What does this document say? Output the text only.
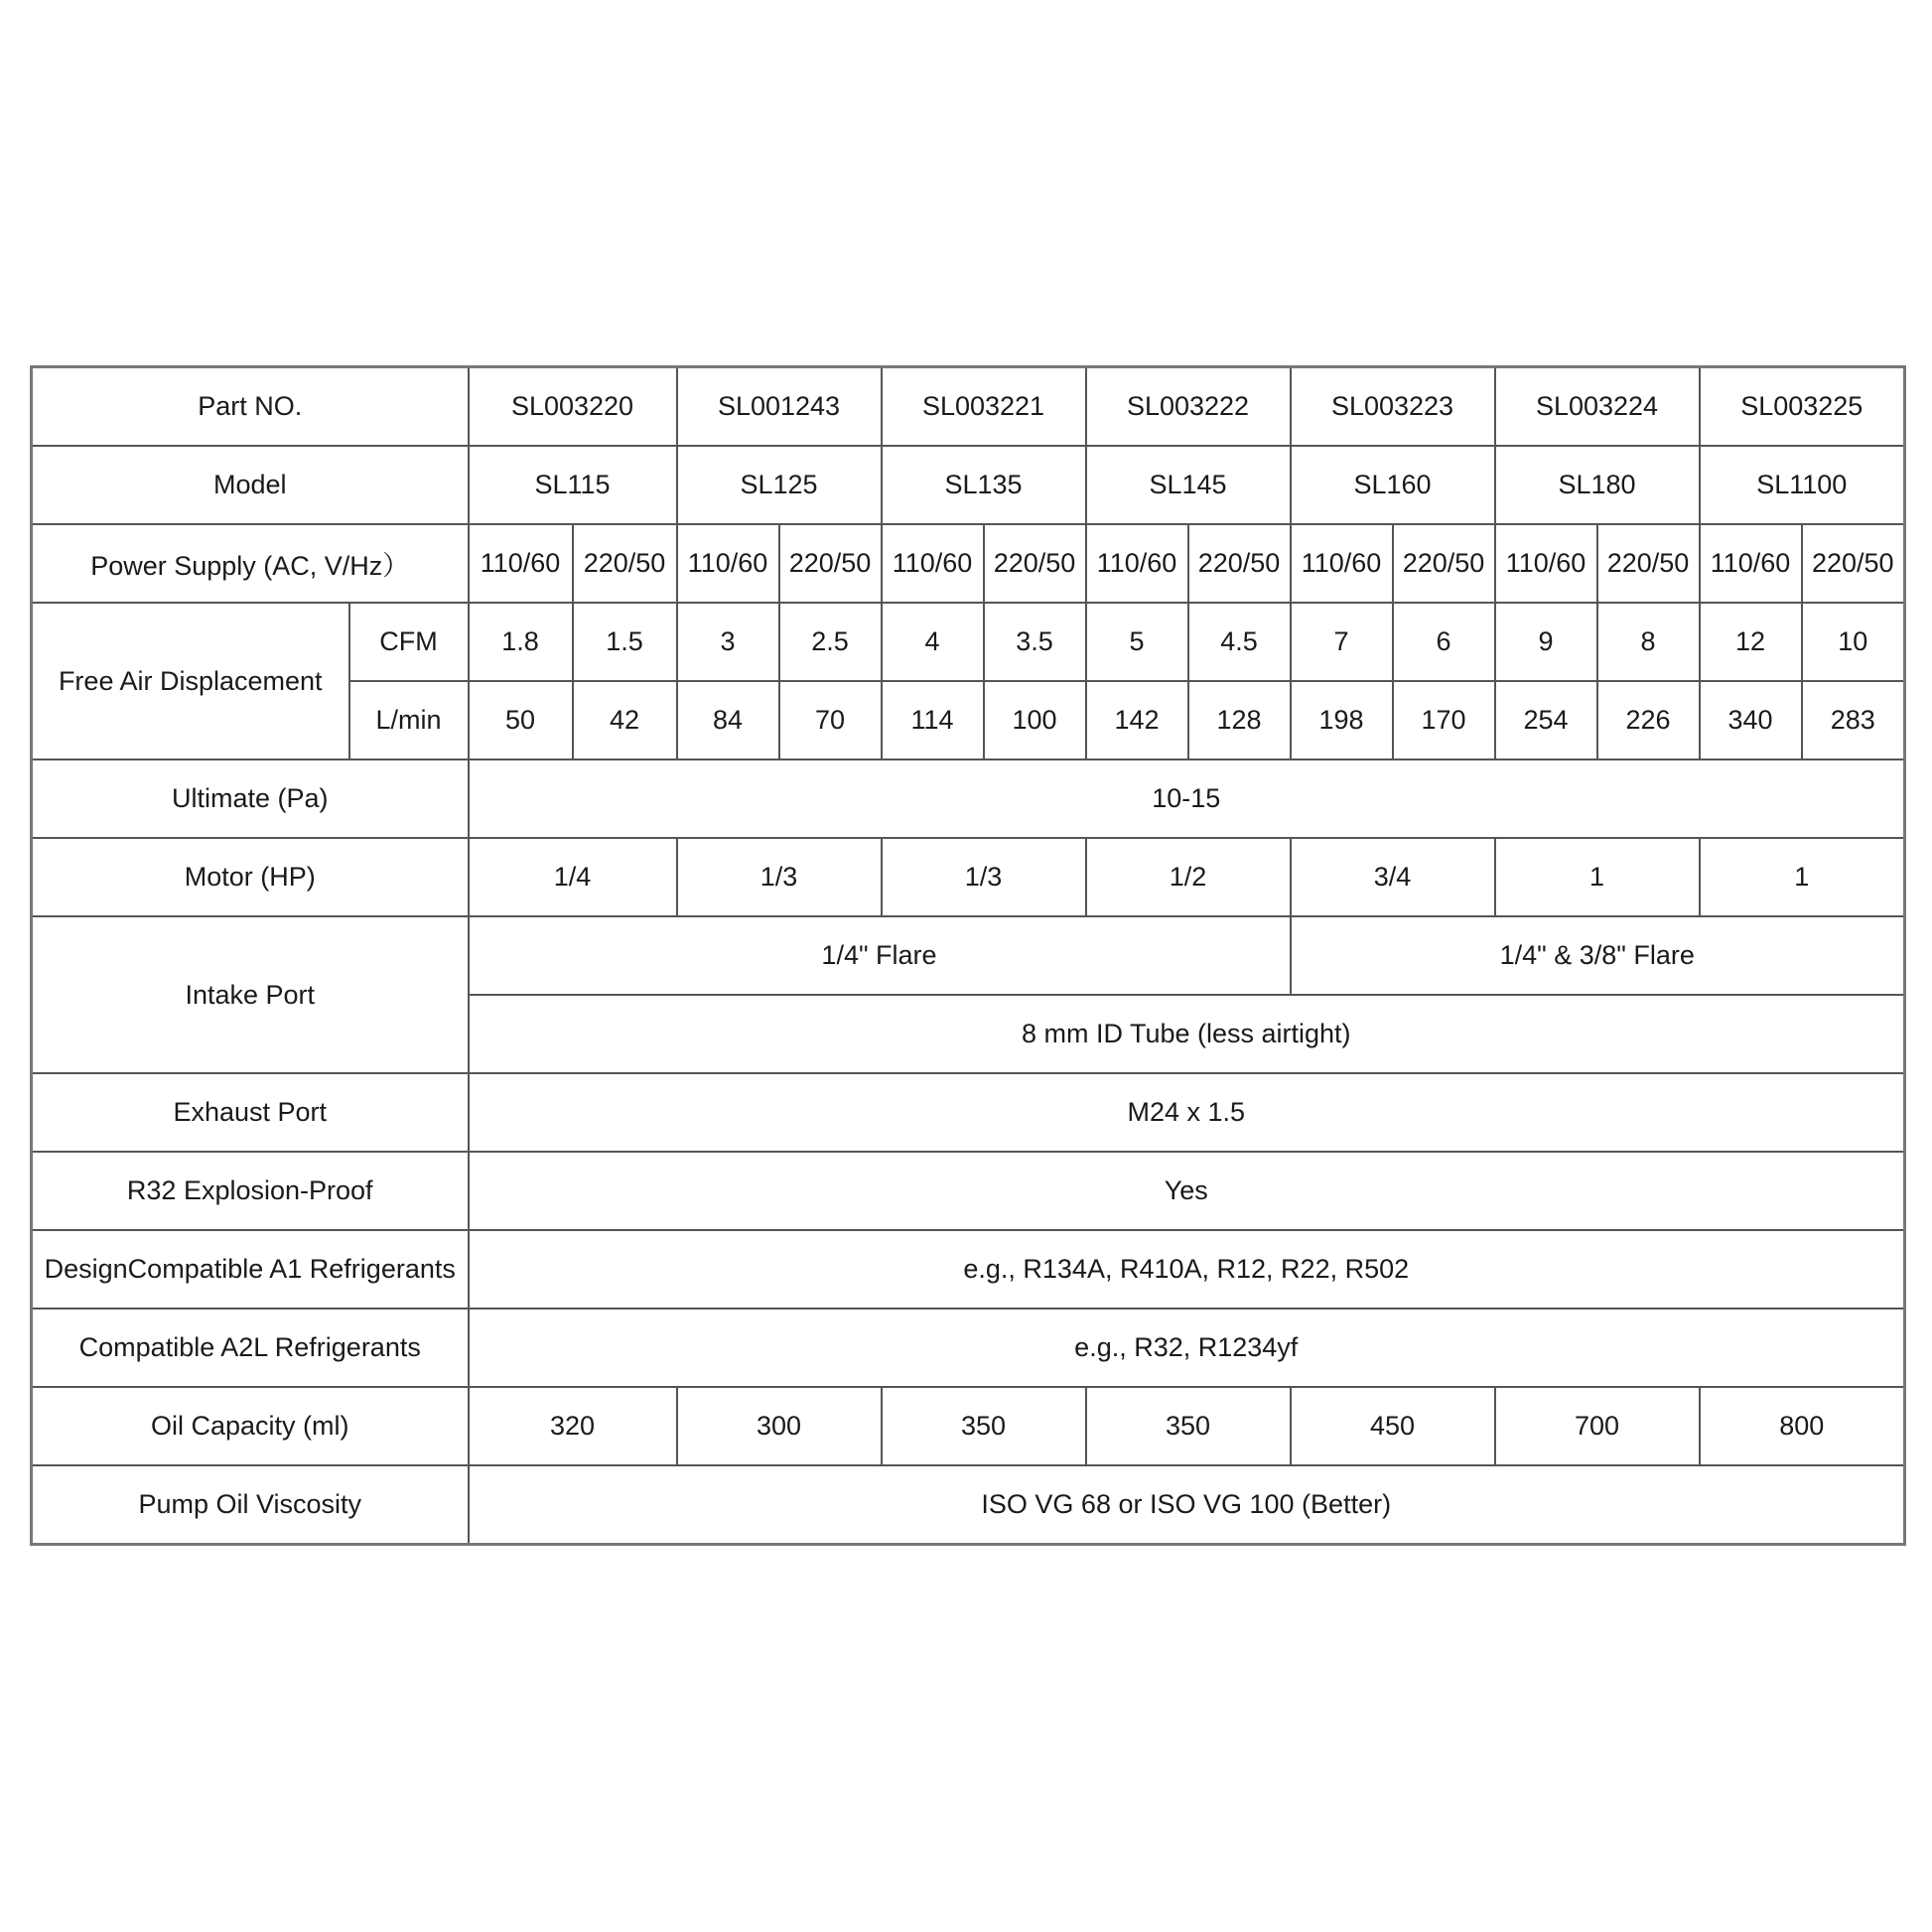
Part NO.		SL003220		SL001243		SL003221		SL003222		SL003223		SL003224		SL003225	
Model		SL115		SL125		SL135		SL145		SL160		SL180		SL1100	
Power Supply (AC, V/Hz）		110/60	220/50	110/60	220/50	110/60	220/50	110/60	220/50	110/60	220/50	110/60	220/50	110/60	220/50
Free Air Displacement	CFM	1.8	1.5	3	2.5	4	3.5	5	4.5	7	6	9	8	12	10
	L/min	50	42	84	70	114	100	142	128	198	170	254	226	340	283
Ultimate (Pa)		10-15													
Motor (HP)		1/4		1/3		1/3		1/2		3/4		1		1	
Intake Port		1/4" Flare								1/4" & 3/8" Flare					
		8 mm ID Tube (less airtight)													
Exhaust Port		M24 x 1.5													
R32 Explosion-Proof		Yes													
DesignCompatible A1 Refrigerants		e.g., R134A, R410A, R12, R22, R502													
Compatible A2L Refrigerants		e.g., R32, R1234yf													
Oil Capacity (ml)		320		300		350		350		450		700		800	
Pump Oil Viscosity		ISO VG 68 or ISO VG 100 (Better)													
